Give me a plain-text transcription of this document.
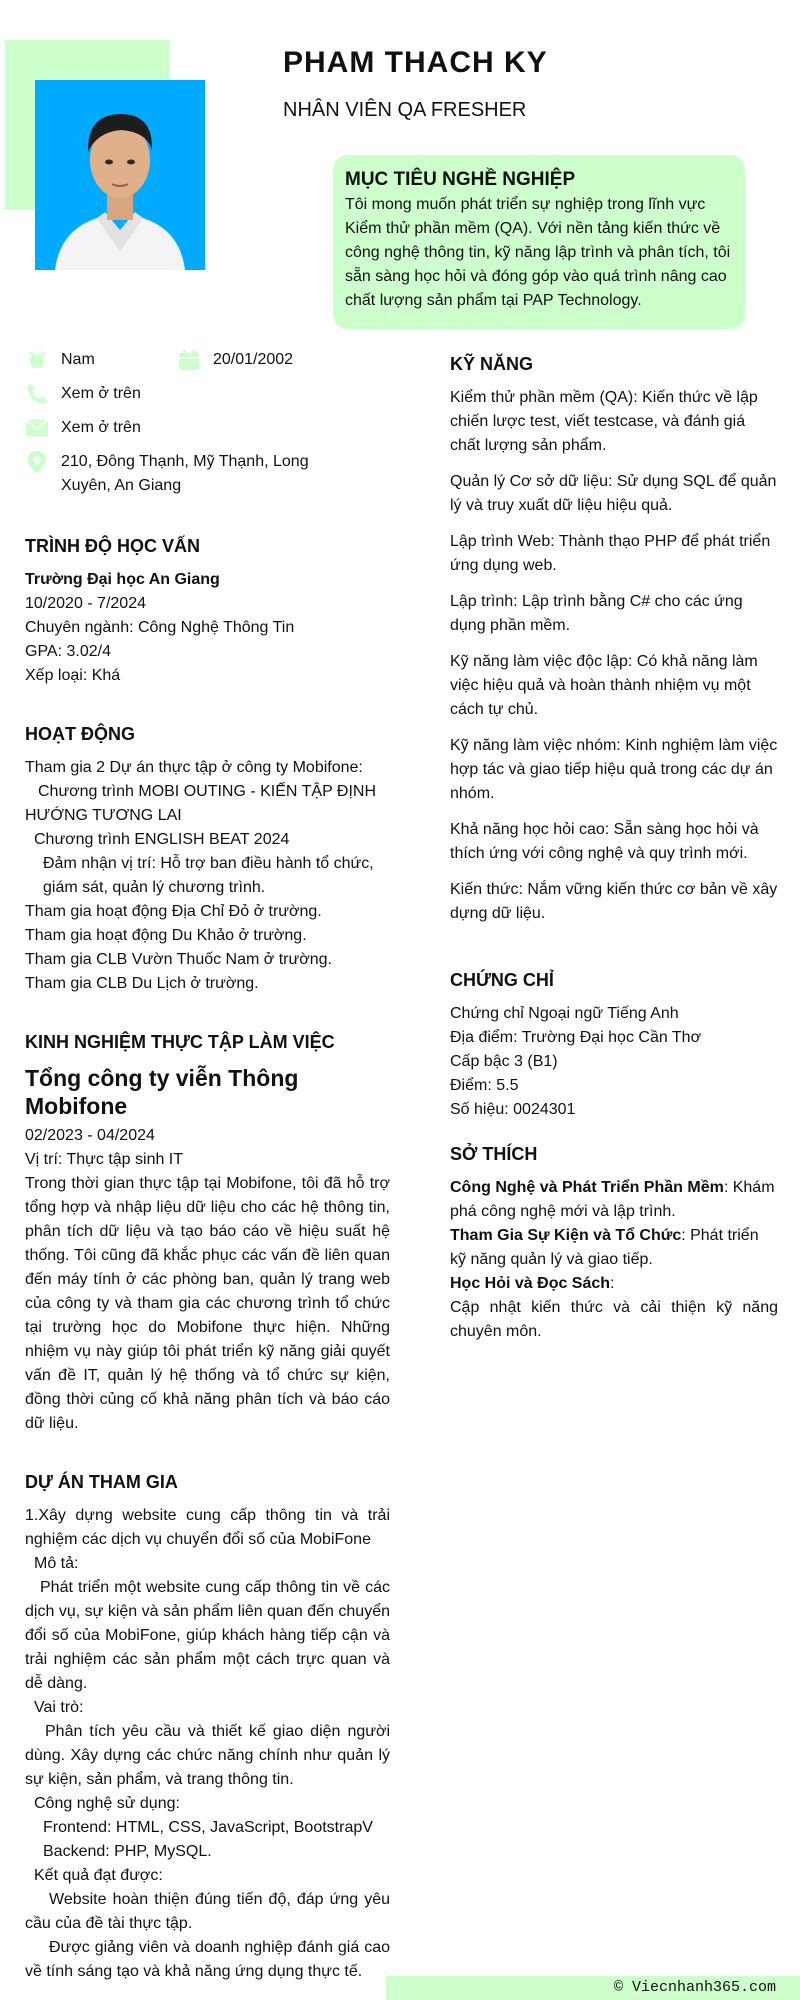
PHAM THACH KY
NHÂN VIÊN QA FRESHER
MỤC TIÊU NGHỀ NGHIỆP

Tôi mong muốn phát triển sự nghiệp trong lĩnh vực Kiểm thử phần mềm (QA). Với nền tảng kiến thức về công nghệ thông tin, kỹ năng lập trình và phân tích, tôi sẵn sàng học hỏi và đóng góp vào quá trình nâng cao chất lượng sản phẩm tại PAP Technology.

Nam	20/01/2002
Xem ở trên
Xem ở trên
210, Đông Thạnh, Mỹ Thạnh, Long Xuyên, An Giang
TRÌNH ĐỘ HỌC VẤN

Trường Đại học An Giang

10/2020 - 7/2024

Chuyên ngành: Công Nghệ Thông Tin

GPA: 3.02/4

Xếp loại: Khá

HOẠT ĐỘNG

Tham gia 2 Dự án thực tập ở công ty Mobifone:

Chương trình MOBI OUTING - KIẾN TẬP ĐỊNH HƯỚNG TƯƠNG LAI

Chương trình ENGLISH BEAT 2024

Đảm nhận vị trí: Hỗ trợ ban điều hành tổ chức, giám sát, quản lý chương trình.

Tham gia hoạt động Địa Chỉ Đỏ ở trường.

Tham gia hoạt động Du Khảo ở trường.

Tham gia CLB Vườn Thuốc Nam ở trường.

Tham gia CLB Du Lịch ở trường.

KINH NGHIỆM THỰC TẬP LÀM VIỆC

Tổng công ty viễn Thông Mobifone

02/2023 - 04/2024

Vị trí: Thực tập sinh IT

Trong thời gian thực tập tại Mobifone, tôi đã hỗ trợ tổng hợp và nhập liệu dữ liệu cho các hệ thông tin, phân tích dữ liệu và tạo báo cáo về hiệu suất hệ thống. Tôi cũng đã khắc phục các vấn đề liên quan đến máy tính ở các phòng ban, quản lý trang web của công ty và tham gia các chương trình tổ chức tại trường học do Mobifone thực hiện. Những nhiệm vụ này giúp tôi phát triển kỹ năng giải quyết vấn đề IT, quản lý hệ thống và tổ chức sự kiện, đồng thời củng cố khả năng phân tích và báo cáo dữ liệu.

DỰ ÁN THAM GIA

1.Xây dựng website cung cấp thông tin và trải nghiệm các dịch vụ chuyển đổi số của MobiFone

Mô tả:

Phát triển một website cung cấp thông tin về các dịch vụ, sự kiện và sản phẩm liên quan đến chuyển đổi số của MobiFone, giúp khách hàng tiếp cận và trải nghiệm các sản phẩm một cách trực quan và dễ dàng.

Vai trò:

Phân tích yêu cầu và thiết kế giao diện người dùng. Xây dựng các chức năng chính như quản lý sự kiện, sản phẩm, và trang thông tin.

Công nghệ sử dụng:

Frontend: HTML, CSS, JavaScript, BootstrapV

Backend: PHP, MySQL.

Kết quả đạt được:

Website hoàn thiện đúng tiến độ, đáp ứng yêu cầu của đề tài thực tập.

Được giảng viên và doanh nghiệp đánh giá cao về tính sáng tạo và khả năng ứng dụng thực tế.

KỸ NĂNG

Kiểm thử phần mềm (QA): Kiến thức về lập chiến lược test, viết testcase, và đánh giá chất lượng sản phẩm.

Quản lý Cơ sở dữ liệu: Sử dụng SQL để quản lý và truy xuất dữ liệu hiệu quả.

Lập trình Web: Thành thạo PHP để phát triển ứng dụng web.

Lập trình: Lập trình bằng C# cho các ứng dụng phần mềm.

Kỹ năng làm việc độc lập: Có khả năng làm việc hiệu quả và hoàn thành nhiệm vụ một cách tự chủ.

Kỹ năng làm việc nhóm: Kinh nghiệm làm việc hợp tác và giao tiếp hiệu quả trong các dự án nhóm.

Khả năng học hỏi cao: Sẵn sàng học hỏi và thích ứng với công nghệ và quy trình mới.

Kiến thức: Nắm vững kiến thức cơ bản về xây dựng dữ liệu.

CHỨNG CHỈ

Chứng chỉ Ngoại ngữ Tiếng Anh

Địa điểm: Trường Đại học Cần Thơ

Cấp bậc 3 (B1)

Điểm: 5.5

Số hiệu: 0024301

SỞ THÍCH

Công Nghệ và Phát Triển Phần Mềm: Khám phá công nghệ mới và lập trình.

Tham Gia Sự Kiện và Tổ Chức: Phát triển kỹ năng quản lý và giao tiếp.

Học Hỏi và Đọc Sách:

Cập nhật kiến thức và cải thiện kỹ năng chuyên môn.

© Viecnhanh365.com
